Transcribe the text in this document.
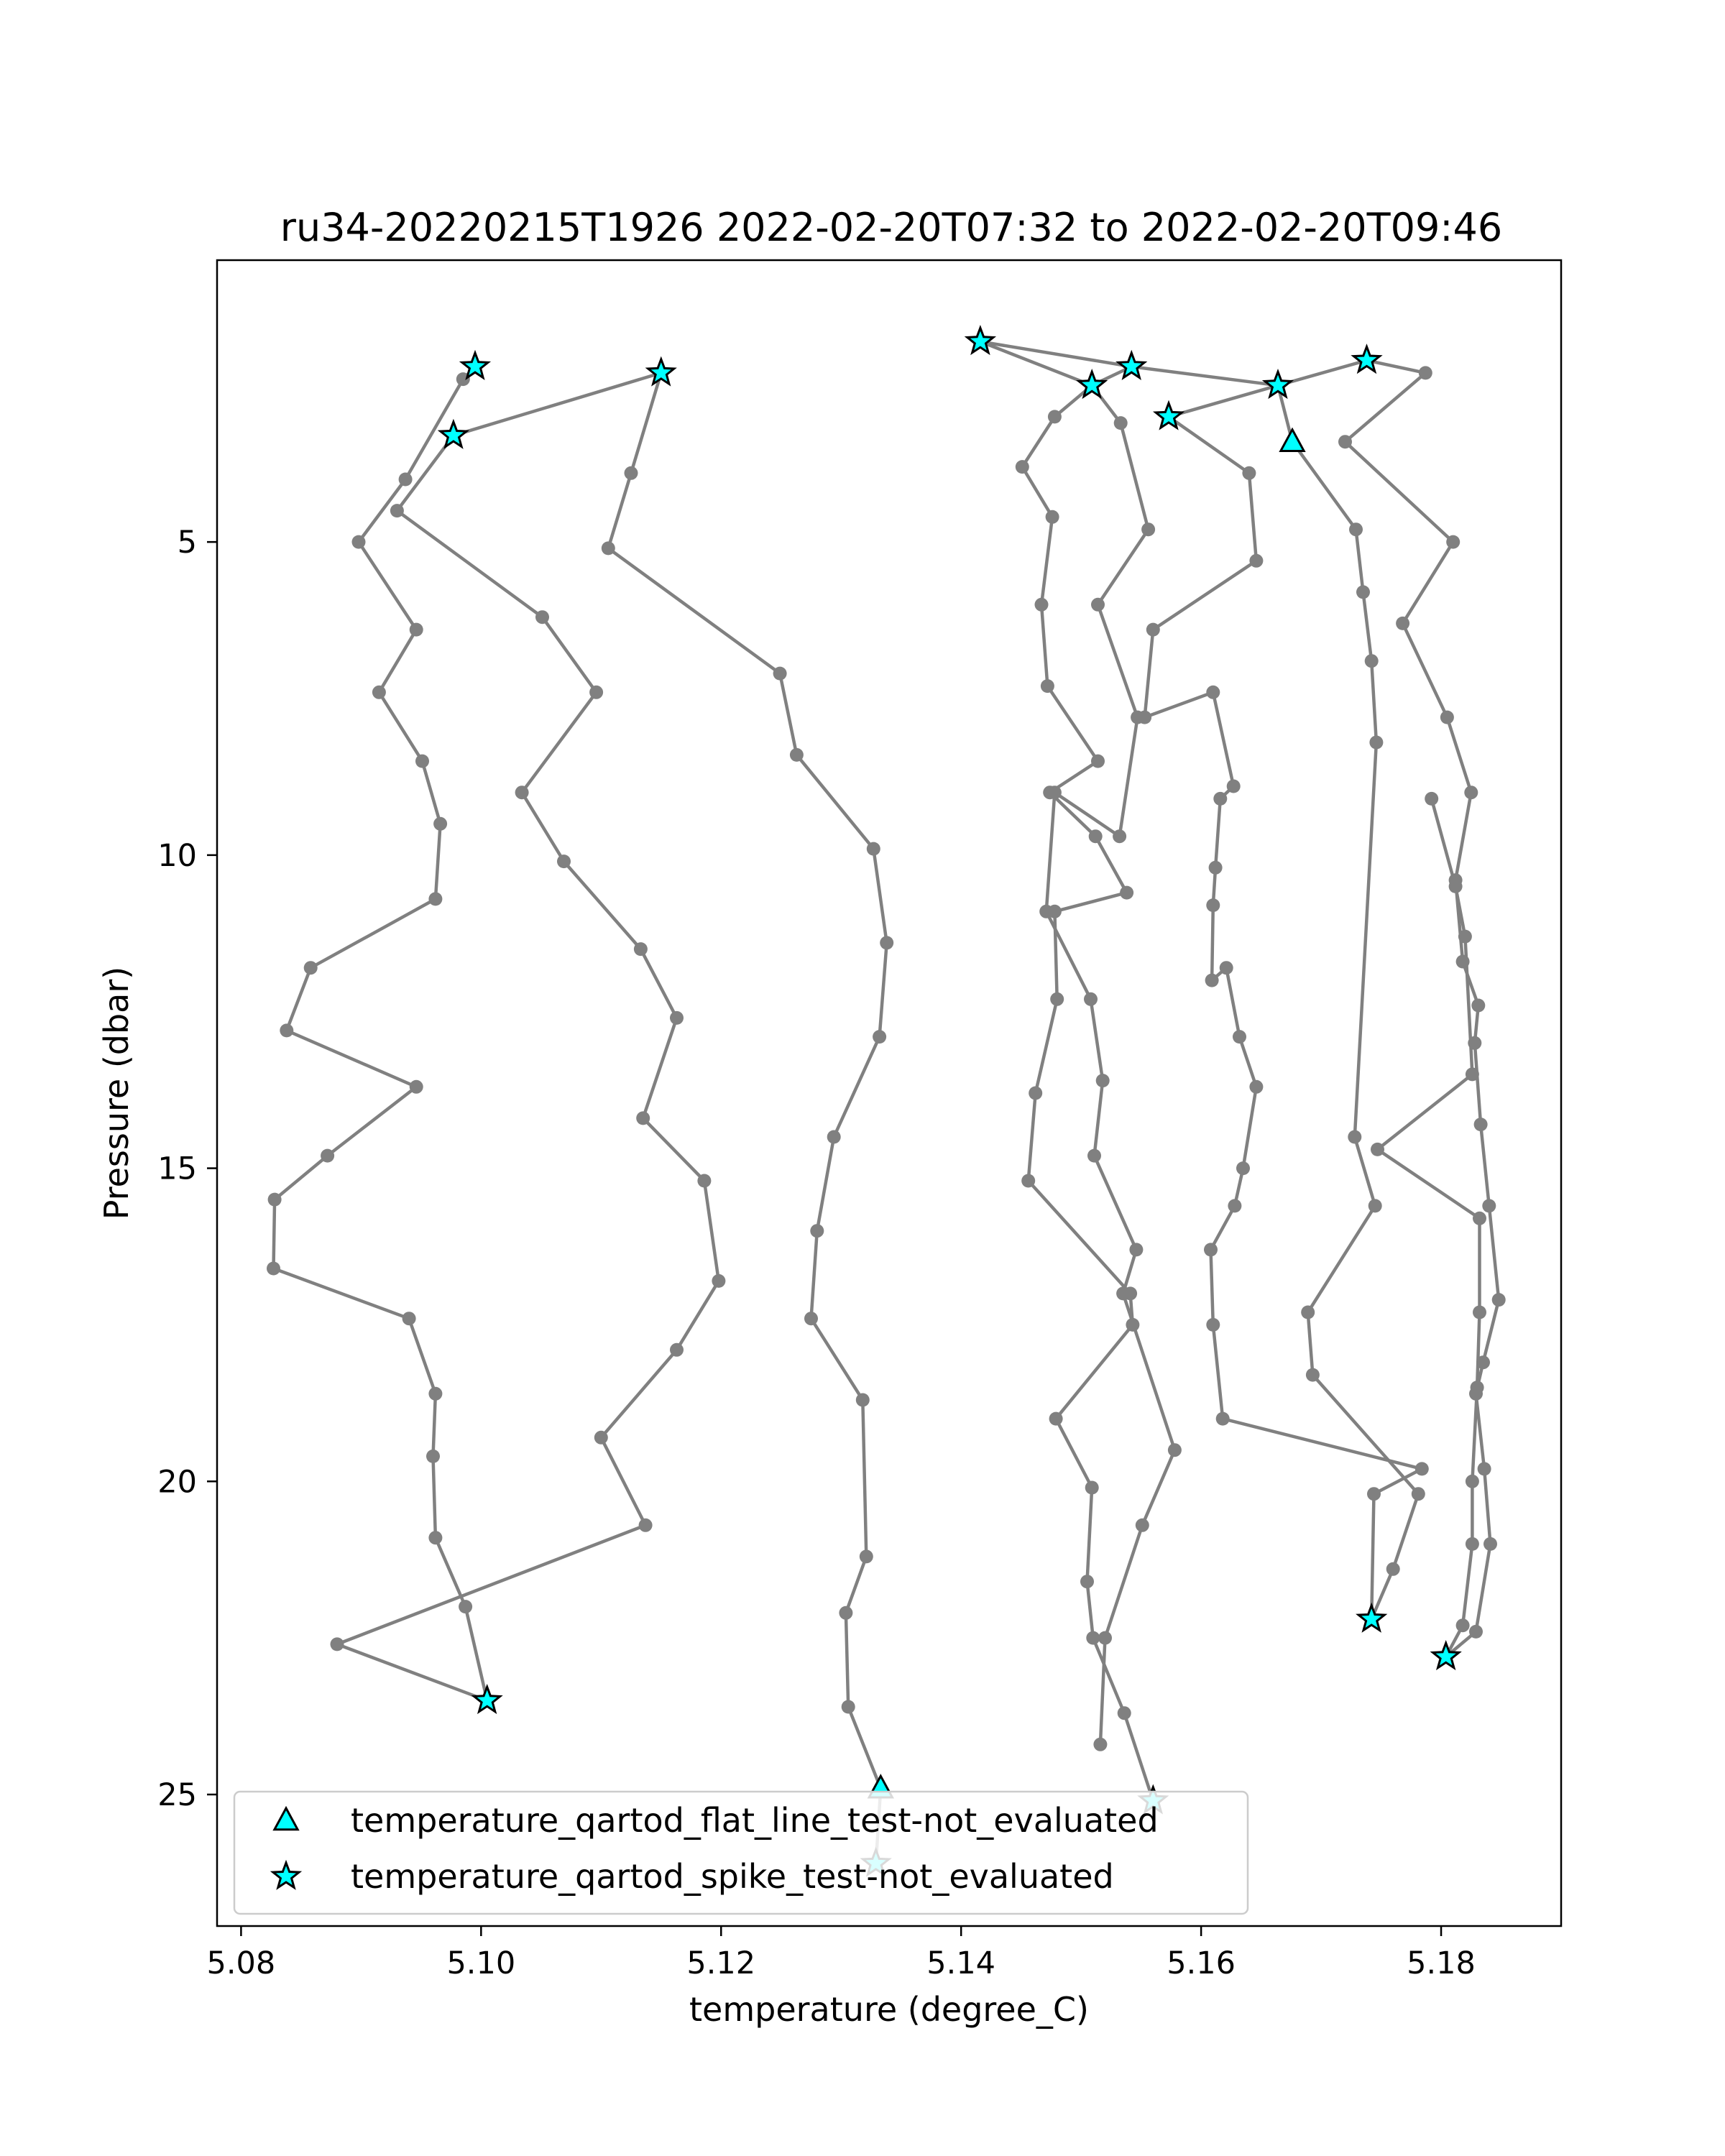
ru34-20220215T1926 2022-02-20T07:32 to 2022-02-20T09:46
5.08	5.10	5.12	5.14	5.16	5.18
5
10
15
20
25
temperature (degree_C)
Pressure (dbar)
temperature_qartod_flat_line_test-not_evaluated
temperature_qartod_spike_test-not_evaluated
